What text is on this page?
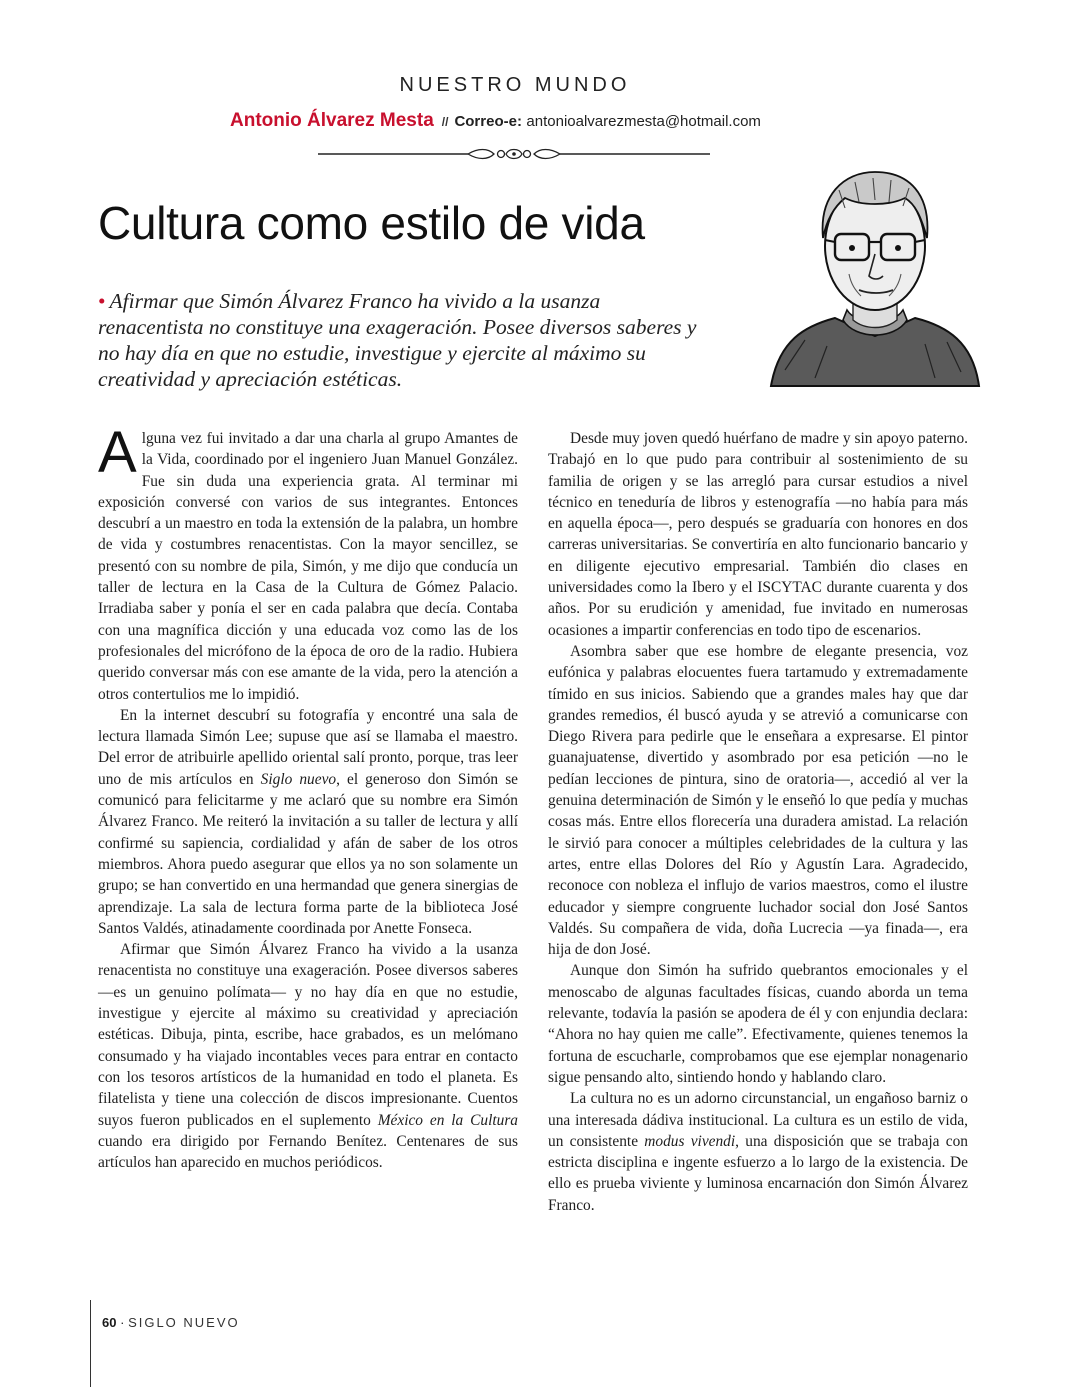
NUESTRO MUNDO
Antonio Álvarez Mesta // Correo-e: antonioalvarezmesta@hotmail.com
Cultura como estilo de vida

• Afirmar que Simón Álvarez Franco ha vivido a la usanza renacentista no constituye una exageración. Posee diversos saberes y no hay día en que no estudie, investigue y ejercite al máximo su creatividad y apreciación estéticas.

Alguna vez fui invitado a dar una charla al grupo Amantes de la Vida, coordinado por el ingeniero Juan Manuel González. Fue sin duda una experiencia grata. Al terminar mi exposición conversé con varios de sus integrantes. Entonces descubrí a un maestro en toda la extensión de la palabra, un hombre de vida y costumbres renacentistas. Con la mayor sencillez, se presentó con su nombre de pila, Simón, y me dijo que conducía un taller de lectura en la Casa de la Cultura de Gómez Palacio. Irradiaba saber y ponía el ser en cada palabra que decía. Contaba con una magnífica dicción y una educada voz como las de los profesionales del micrófono de la época de oro de la radio. Hubiera querido conversar más con ese amante de la vida, pero la atención a otros contertulios me lo impidió.

En la internet descubrí su fotografía y encontré una sala de lectura llamada Simón Lee; supuse que así se llamaba el maestro. Del error de atribuirle apellido oriental salí pronto, porque, tras leer uno de mis artículos en Siglo nuevo, el generoso don Simón se comunicó para felicitarme y me aclaró que su nombre era Simón Álvarez Franco. Me reiteró la invitación a su taller de lectura y allí confirmé su sapiencia, cordialidad y afán de saber de los otros miembros. Ahora puedo asegurar que ellos ya no son solamente un grupo; se han convertido en una hermandad que genera sinergias de aprendizaje. La sala de lectura forma parte de la biblioteca José Santos Valdés, atinadamente coordinada por Anette Fonseca.

Afirmar que Simón Álvarez Franco ha vivido a la usanza renacentista no constituye una exageración. Posee diversos saberes —es un genuino polímata— y no hay día en que no estudie, investigue y ejercite al máximo su creatividad y apreciación estéticas. Dibuja, pinta, escribe, hace grabados, es un melómano consumado y ha viajado incontables veces para entrar en contacto con los tesoros artísticos de la humanidad en todo el planeta. Es filatelista y tiene una colección de discos impresionante. Cuentos suyos fueron publicados en el suplemento México en la Cultura cuando era dirigido por Fernando Benítez. Centenares de sus artículos han aparecido en muchos periódicos.

Desde muy joven quedó huérfano de madre y sin apoyo paterno. Trabajó en lo que pudo para contribuir al sostenimiento de su familia de origen y se las arregló para cursar estudios a nivel técnico en teneduría de libros y estenografía —no había para más en aquella época—, pero después se graduaría con honores en dos carreras universitarias. Se convertiría en alto funcionario bancario y en diligente ejecutivo empresarial. También dio clases en universidades como la Ibero y el ISCYTAC durante cuarenta y dos años. Por su erudición y amenidad, fue invitado en numerosas ocasiones a impartir conferencias en todo tipo de escenarios.

Asombra saber que ese hombre de elegante presencia, voz eufónica y palabras elocuentes fuera tartamudo y extremadamente tímido en sus inicios. Sabiendo que a grandes males hay que dar grandes remedios, él buscó ayuda y se atrevió a comunicarse con Diego Rivera para pedirle que le enseñara a expresarse. El pintor guanajuatense, divertido y asombrado por esa petición —no le pedían lecciones de pintura, sino de oratoria—, accedió al ver la genuina determinación de Simón y le enseñó lo que pedía y muchas cosas más. Entre ellos florecería una duradera amistad. La relación le sirvió para conocer a múltiples celebridades de la cultura y las artes, entre ellas Dolores del Río y Agustín Lara. Agradecido, reconoce con nobleza el influjo de varios maestros, como el ilustre educador y siempre congruente luchador social don José Santos Valdés. Su compañera de vida, doña Lucrecia —ya finada—, era hija de don José.

Aunque don Simón ha sufrido quebrantos emocionales y el menoscabo de algunas facultades físicas, cuando aborda un tema relevante, todavía la pasión se apodera de él y con enjundia declara: “Ahora no hay quien me calle”. Efectivamente, quienes tenemos la fortuna de escucharle, comprobamos que ese ejemplar nonagenario sigue pensando alto, sintiendo hondo y hablando claro.

La cultura no es un adorno circunstancial, un engañoso barniz o una interesada dádiva institucional. La cultura es un estilo de vida, un consistente modus vivendi, una disposición que se trabaja con estricta disciplina e ingente esfuerzo a lo largo de la existencia. De ello es prueba viviente y luminosa encarnación don Simón Álvarez Franco.

60 · SIGLO NUEVO
